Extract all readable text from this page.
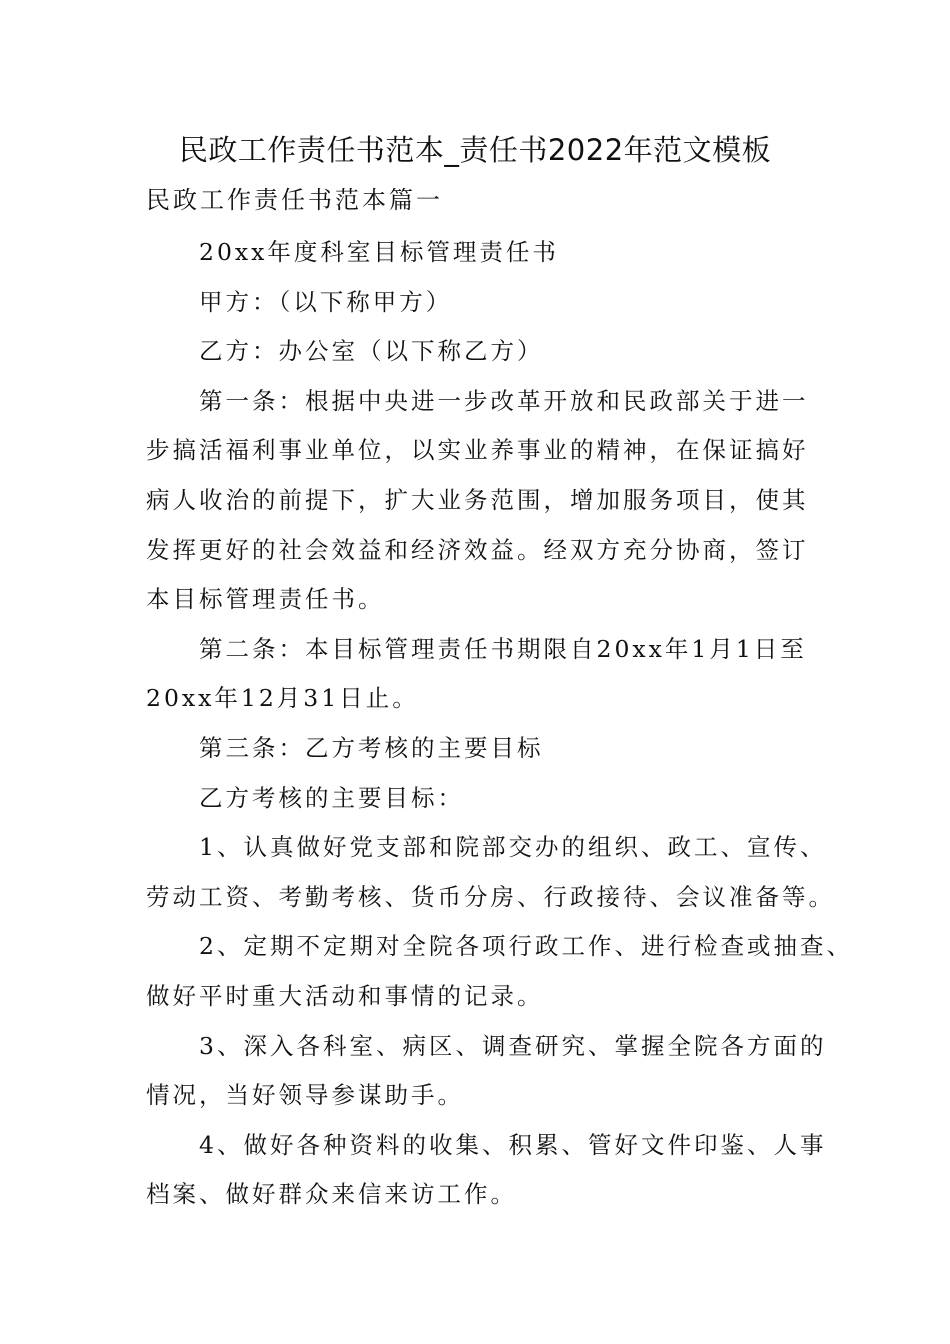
民政工作责任书范本_责任书2022年范文模板
民政工作责任书范本篇一
20xx年度科室目标管理责任书
甲方：（以下称甲方）
乙方：办公室（以下称乙方）
第一条：根据中央进一步改革开放和民政部关于进一
步搞活福利事业单位，以实业养事业的精神，在保证搞好
病人收治的前提下，扩大业务范围，增加服务项目，使其
发挥更好的社会效益和经济效益。经双方充分协商，签订
本目标管理责任书。
第二条：本目标管理责任书期限自20xx年1月1日至
20xx年12月31日止。
第三条：乙方考核的主要目标
乙方考核的主要目标：
1、认真做好党支部和院部交办的组织、政工、宣传、
劳动工资、考勤考核、货币分房、行政接待、会议准备等。
2、定期不定期对全院各项行政工作、进行检查或抽查、
做好平时重大活动和事情的记录。
3、深入各科室、病区、调查研究、掌握全院各方面的
情况，当好领导参谋助手。
4、做好各种资料的收集、积累、管好文件印鉴、人事
档案、做好群众来信来访工作。
